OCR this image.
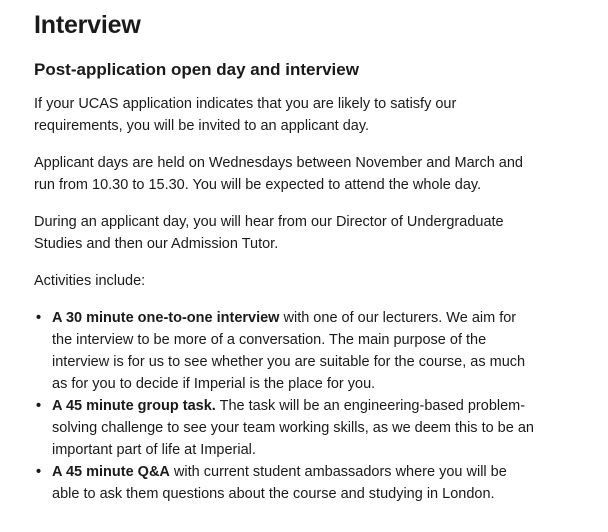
Interview
Post-application open day and interview

If your UCAS application indicates that you are likely to satisfy our requirements, you will be invited to an applicant day.

Applicant days are held on Wednesdays between November and March and run from 10.30 to 15.30. You will be expected to attend the whole day.

During an applicant day, you will hear from our Director of Undergraduate Studies and then our Admission Tutor.

Activities include:

• A 30 minute one-to-one interview with one of our lecturers. We aim for the interview to be more of a conversation. The main purpose of the interview is for us to see whether you are suitable for the course, as much as for you to decide if Imperial is the place for you.
• A 45 minute group task. The task will be an engineering-based problem-solving challenge to see your team working skills, as we deem this to be an important part of life at Imperial.
• A 45 minute Q&A with current student ambassadors where you will be able to ask them questions about the course and studying in London.
